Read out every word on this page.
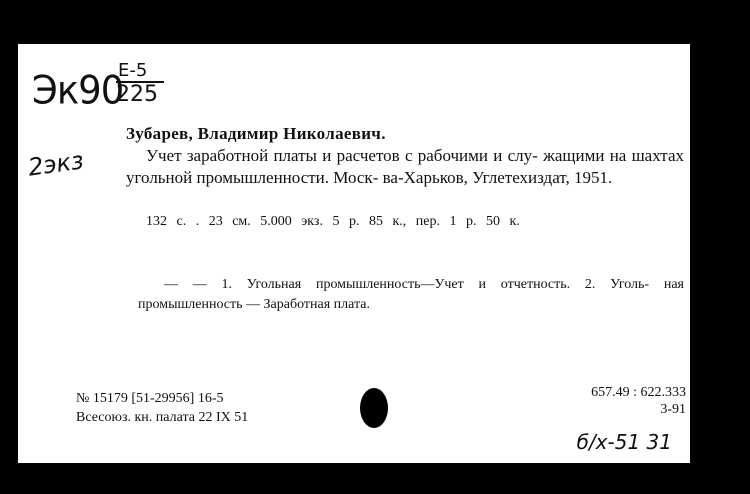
Эк90
Е-5
225
2экз
Зубарев, Владимир Николаевич.
Учет заработной платы и расчетов с рабочими и слу- жащими на шахтах угольной промышленности. Моск- ва-Харьков, Углетехиздат, 1951.
132 с. . 23 см. 5.000 экз. 5 р. 85 к., пер. 1 р. 50 к.
— — 1. Угольная промышленность—Учет и отчетность. 2. Уголь- ная промышленность — Заработная плата.
№ 15179 [51-29956] 16-5
Всесоюз. кн. палата 22 IX 51
657.49 : 622.333
3-91
б/х-51 31
